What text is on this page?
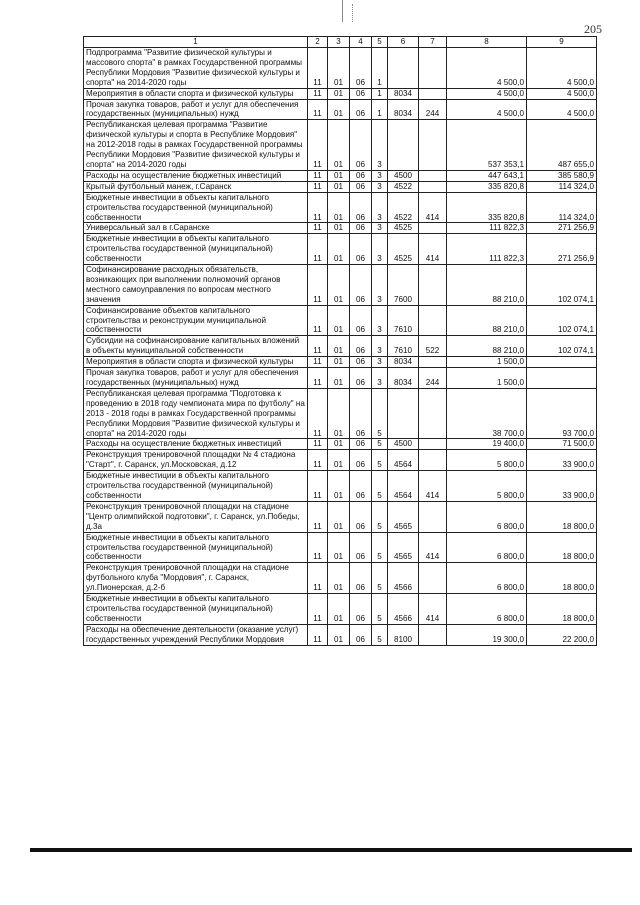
205
1	2	3	4	5	6	7	8	9
Подпрограмма "Развитие физической культуры и массового спорта" в рамках Государственной программы Республики Мордовия "Развитие физической культуры и спорта" на 2014-2020 годы	11	01	06	1			4 500,0	4 500,0
Мероприятия в области спорта и физической культуры	11	01	06	1	8034		4 500,0	4 500,0
Прочая закупка товаров, работ и услуг для обеспечения государственных (муниципальных) нужд	11	01	06	1	8034	244	4 500,0	4 500,0
Республиканская целевая программа "Развитие физической культуры и спорта в Республике Мордовия" на 2012-2018 годы в рамках Государственной программы Республики Мордовия "Развитие физической культуры и спорта" на 2014-2020 годы	11	01	06	3			537 353,1	487 655,0
Расходы на осуществление бюджетных инвестиций	11	01	06	3	4500		447 643,1	385 580,9
Крытый футбольный манеж, г.Саранск	11	01	06	3	4522		335 820,8	114 324,0
Бюджетные инвестиции в объекты капитального строительства государственной (муниципальной) собственности	11	01	06	3	4522	414	335 820,8	114 324,0
Универсальный зал в г.Саранске	11	01	06	3	4525		111 822,3	271 256,9
Бюджетные инвестиции в объекты капитального строительства государственной (муниципальной) собственности	11	01	06	3	4525	414	111 822,3	271 256,9
Софинансирование расходных обязательств, возникающих при выполнении полномочий органов местного самоуправления по вопросам местного значения	11	01	06	3	7600		88 210,0	102 074,1
Софинансирование объектов капитального строительства и реконструкции муниципальной собственности	11	01	06	3	7610		88 210,0	102 074,1
Субсидии на софинансирование капитальных вложений в объекты муниципальной собственности	11	01	06	3	7610	522	88 210,0	102 074,1
Мероприятия в области спорта и физической культуры	11	01	06	3	8034		1 500,0	
Прочая закупка товаров, работ и услуг для обеспечения государственных (муниципальных) нужд	11	01	06	3	8034	244	1 500,0	
Республиканская целевая программа "Подготовка к проведению в 2018 году чемпионата мира по футболу" на 2013 - 2018 годы в рамках Государственной программы Республики Мордовия "Развитие физической культуры и спорта" на 2014-2020 годы	11	01	06	5			38 700,0	93 700,0
Расходы на осуществление бюджетных инвестиций	11	01	06	5	4500		19 400,0	71 500,0
Реконструкция тренировочной площадки № 4 стадиона "Старт", г. Саранск, ул.Московская, д.12	11	01	06	5	4564		5 800,0	33 900,0
Бюджетные инвестиции в объекты капитального строительства государственной (муниципальной) собственности	11	01	06	5	4564	414	5 800,0	33 900,0
Реконструкция тренировочной площадки на стадионе "Центр олимпийской подготовки", г. Саранск, ул.Победы, д.3а	11	01	06	5	4565		6 800,0	18 800,0
Бюджетные инвестиции в объекты капитального строительства государственной (муниципальной) собственности	11	01	06	5	4565	414	6 800,0	18 800,0
Реконструкция тренировочной площадки на стадионе футбольного клуба "Мордовия", г. Саранск, ул.Пионерская, д.2-б	11	01	06	5	4566		6 800,0	18 800,0
Бюджетные инвестиции в объекты капитального строительства государственной (муниципальной) собственности	11	01	06	5	4566	414	6 800,0	18 800,0
Расходы на обеспечение деятельности (оказание услуг) государственных учреждений Республики Мордовия	11	01	06	5	8100		19 300,0	22 200,0
